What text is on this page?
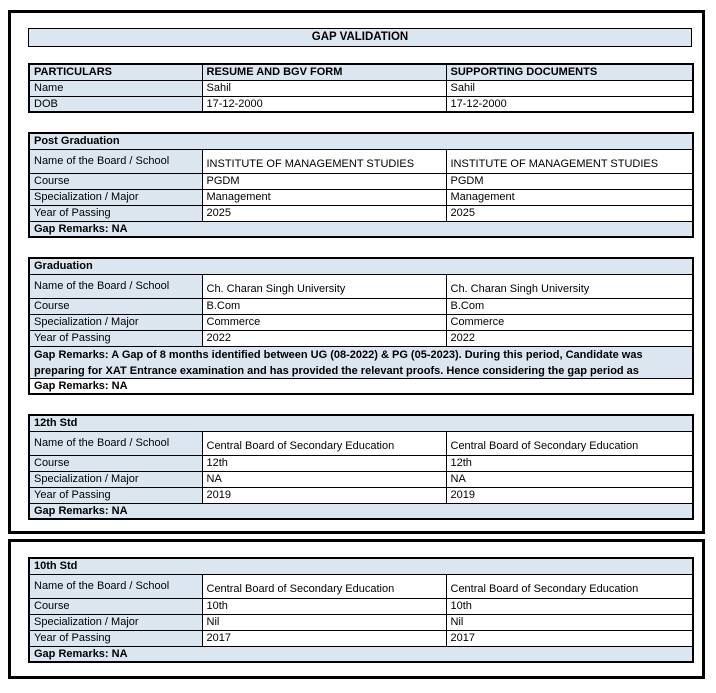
GAP VALIDATION
PARTICULARS	RESUME AND BGV FORM	SUPPORTING DOCUMENTS
Name	Sahil	Sahil
DOB	17-12-2000	17-12-2000
Post Graduation		
Name of the Board / School	INSTITUTE OF MANAGEMENT STUDIES	INSTITUTE OF MANAGEMENT STUDIES
Course	PGDM	PGDM
Specialization / Major	Management	Management
Year of Passing	2025	2025
Gap Remarks: NA		
Graduation		
Name of the Board / School	Ch. Charan Singh University	Ch. Charan Singh University
Course	B.Com	B.Com
Specialization / Major	Commerce	Commerce
Year of Passing	2022	2022

Gap Remarks: A Gap of 8 months identified between UG (08-2022) & PG (05-2023). During this period, Candidate was preparing for XAT Entrance examination and has provided the relevant proofs. Hence considering the gap period as		

Gap Remarks: NA		
12th Std		
Name of the Board / School	Central Board of Secondary Education	Central Board of Secondary Education
Course	12th	12th
Specialization / Major	NA	NA
Year of Passing	2019	2019
Gap Remarks: NA		
10th Std		
Name of the Board / School	Central Board of Secondary Education	Central Board of Secondary Education
Course	10th	10th
Specialization / Major	Nil	Nil
Year of Passing	2017	2017
Gap Remarks: NA		
